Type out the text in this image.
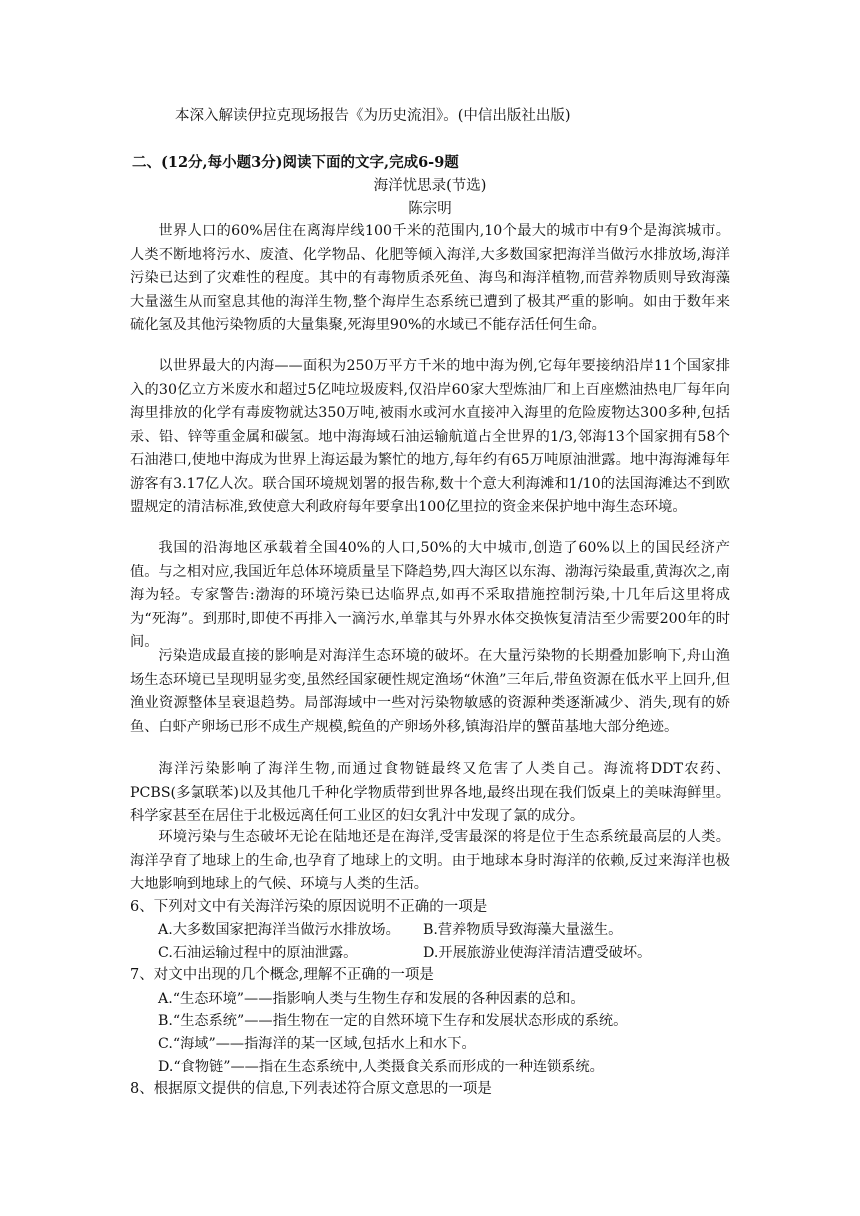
本深入解读伊拉克现场报告《为历史流泪》。(中信出版社出版)
二、(12分,每小题3分)阅读下面的文字,完成6-9题
海洋忧思录(节选)
陈宗明

世界人口的60%居住在离海岸线100千米的范围内,10个最大的城市中有9个是海滨城市。人类不断地将污水、废渣、化学物品、化肥等倾入海洋,大多数国家把海洋当做污水排放场,海洋污染已达到了灾难性的程度。其中的有毒物质杀死鱼、海鸟和海洋植物,而营养物质则导致海藻大量滋生从而窒息其他的海洋生物,整个海岸生态系统已遭到了极其严重的影响。如由于数年来硫化氢及其他污染物质的大量集聚,死海里90%的水域已不能存活任何生命。

以世界最大的内海——面积为250万平方千米的地中海为例,它每年要接纳沿岸11个国家排入的30亿立方米废水和超过5亿吨垃圾废料,仅沿岸60家大型炼油厂和上百座燃油热电厂每年向海里排放的化学有毒废物就达350万吨,被雨水或河水直接冲入海里的危险废物达300多种,包括汞、铅、锌等重金属和碳氢。地中海海域石油运输航道占全世界的1/3,邻海13个国家拥有58个石油港口,使地中海成为世界上海运最为繁忙的地方,每年约有65万吨原油泄露。地中海海滩每年游客有3.17亿人次。联合国环境规划署的报告称,数十个意大利海滩和1/10的法国海滩达不到欧盟规定的清洁标准,致使意大利政府每年要拿出100亿里拉的资金来保护地中海生态环境。

我国的沿海地区承载着全国40%的人口,50%的大中城市,创造了60%以上的国民经济产值。与之相对应,我国近年总体环境质量呈下降趋势,四大海区以东海、渤海污染最重,黄海次之,南海为轻。专家警告:渤海的环境污染已达临界点,如再不采取措施控制污染,十几年后这里将成为“死海”。到那时,即使不再排入一滴污水,单靠其与外界水体交换恢复清洁至少需要200年的时间。

污染造成最直接的影响是对海洋生态环境的破坏。在大量污染物的长期叠加影响下,舟山渔场生态环境已呈现明显劣变,虽然经国家硬性规定渔场“休渔”三年后,带鱼资源在低水平上回升,但渔业资源整体呈衰退趋势。局部海域中一些对污染物敏感的资源种类逐渐减少、消失,现有的娇鱼、白虾产卵场已形不成生产规模,鲩鱼的产卵场外移,镇海沿岸的蟹苗基地大部分绝迹。

海洋污染影响了海洋生物,而通过食物链最终又危害了人类自己。海流将DDT农药、PCBS(多氯联苯)以及其他几千种化学物质带到世界各地,最终出现在我们饭桌上的美味海鲜里。科学家甚至在居住于北极远离任何工业区的妇女乳汁中发现了氯的成分。

环境污染与生态破坏无论在陆地还是在海洋,受害最深的将是位于生态系统最高层的人类。海洋孕育了地球上的生命,也孕育了地球上的文明。由于地球本身时海洋的依赖,反过来海洋也极大地影响到地球上的气候、环境与人类的生活。

6、下列对文中有关海洋污染的原因说明不正确的一项是
A.大多数国家把海洋当做污水排放场。 B.营养物质导致海藻大量滋生。
C.石油运输过程中的原油泄露。	D.开展旅游业使海洋清洁遭受破坏。
7、对文中出现的几个概念,理解不正确的一项是
A.“生态环境”——指影响人类与生物生存和发展的各种因素的总和。
B.“生态系统”——指生物在一定的自然环境下生存和发展状态形成的系统。
C.“海域”——指海洋的某一区域,包括水上和水下。
D.“食物链”——指在生态系统中,人类摄食关系而形成的一种连锁系统。
8、根据原文提供的信息,下列表述符合原文意思的一项是
